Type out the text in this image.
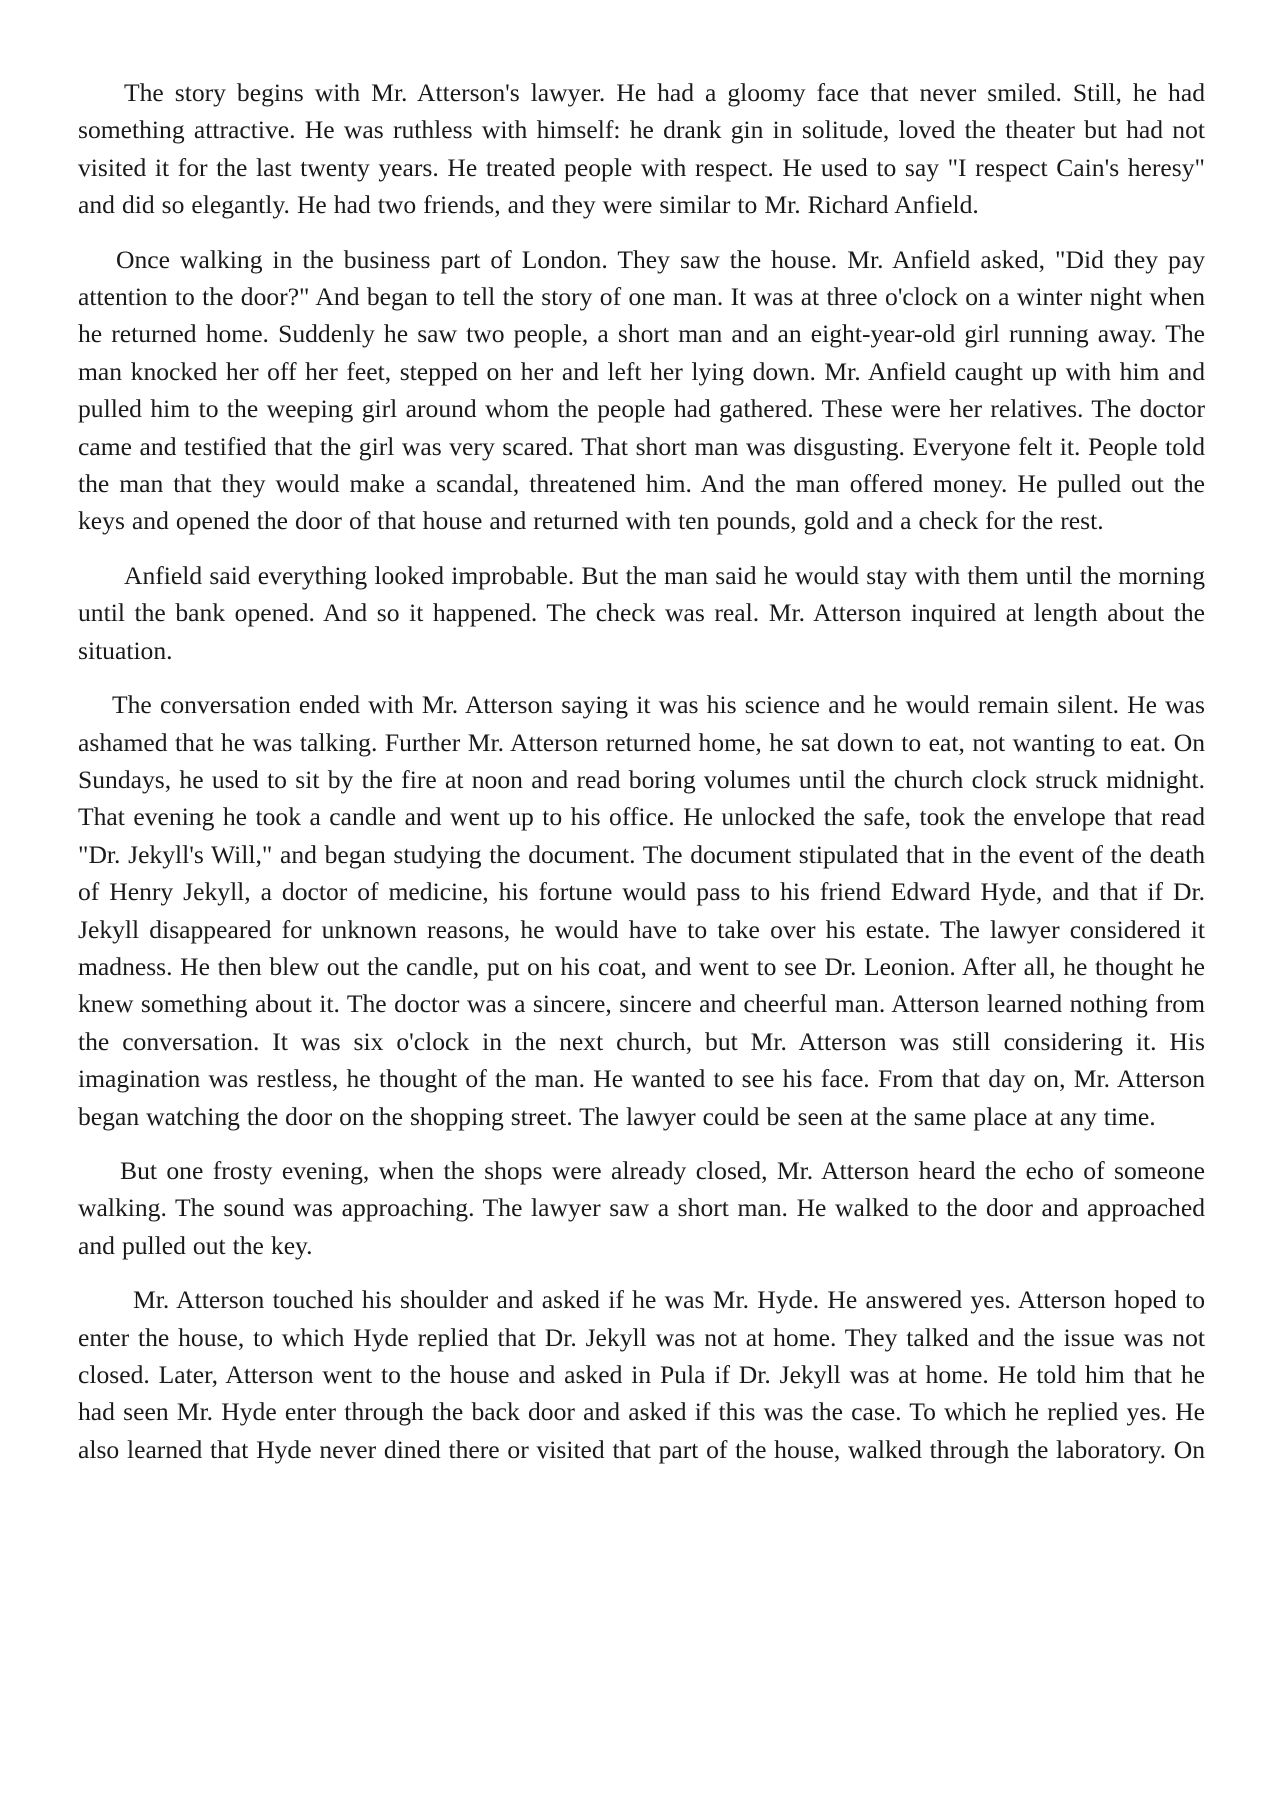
The story begins with Mr. Atterson's lawyer. He had a gloomy face that never smiled. Still, he had something attractive. He was ruthless with himself: he drank gin in solitude, loved the theater but had not visited it for the last twenty years. He treated people with respect. He used to say "I respect Cain's heresy" and did so elegantly. He had two friends, and they were similar to Mr. Richard Anfield.

Once walking in the business part of London. They saw the house. Mr. Anfield asked, "Did they pay attention to the door?" And began to tell the story of one man. It was at three o'clock on a winter night when he returned home. Suddenly he saw two people, a short man and an eight-year-old girl running away. The man knocked her off her feet, stepped on her and left her lying down. Mr. Anfield caught up with him and pulled him to the weeping girl around whom the people had gathered. These were her relatives. The doctor came and testified that the girl was very scared. That short man was disgusting. Everyone felt it. People told the man that they would make a scandal, threatened him. And the man offered money. He pulled out the keys and opened the door of that house and returned with ten pounds, gold and a check for the rest.

Anfield said everything looked improbable. But the man said he would stay with them until the morning until the bank opened. And so it happened. The check was real. Mr. Atterson inquired at length about the situation.

The conversation ended with Mr. Atterson saying it was his science and he would remain silent. He was ashamed that he was talking. Further Mr. Atterson returned home, he sat down to eat, not wanting to eat. On Sundays, he used to sit by the fire at noon and read boring volumes until the church clock struck midnight. That evening he took a candle and went up to his office. He unlocked the safe, took the envelope that read "Dr. Jekyll's Will," and began studying the document. The document stipulated that in the event of the death of Henry Jekyll, a doctor of medicine, his fortune would pass to his friend Edward Hyde, and that if Dr. Jekyll disappeared for unknown reasons, he would have to take over his estate. The lawyer considered it madness. He then blew out the candle, put on his coat, and went to see Dr. Leonion. After all, he thought he knew something about it. The doctor was a sincere, sincere and cheerful man. Atterson learned nothing from the conversation. It was six o'clock in the next church, but Mr. Atterson was still considering it. His imagination was restless, he thought of the man. He wanted to see his face. From that day on, Mr. Atterson began watching the door on the shopping street. The lawyer could be seen at the same place at any time.

But one frosty evening, when the shops were already closed, Mr. Atterson heard the echo of someone walking. The sound was approaching. The lawyer saw a short man. He walked to the door and approached and pulled out the key.

Mr. Atterson touched his shoulder and asked if he was Mr. Hyde. He answered yes. Atterson hoped to enter the house, to which Hyde replied that Dr. Jekyll was not at home. They talked and the issue was not closed. Later, Atterson went to the house and asked in Pula if Dr. Jekyll was at home. He told him that he had seen Mr. Hyde enter through the back door and asked if this was the case. To which he replied yes. He also learned that Hyde never dined there or visited that part of the house, walked through the laboratory. On
